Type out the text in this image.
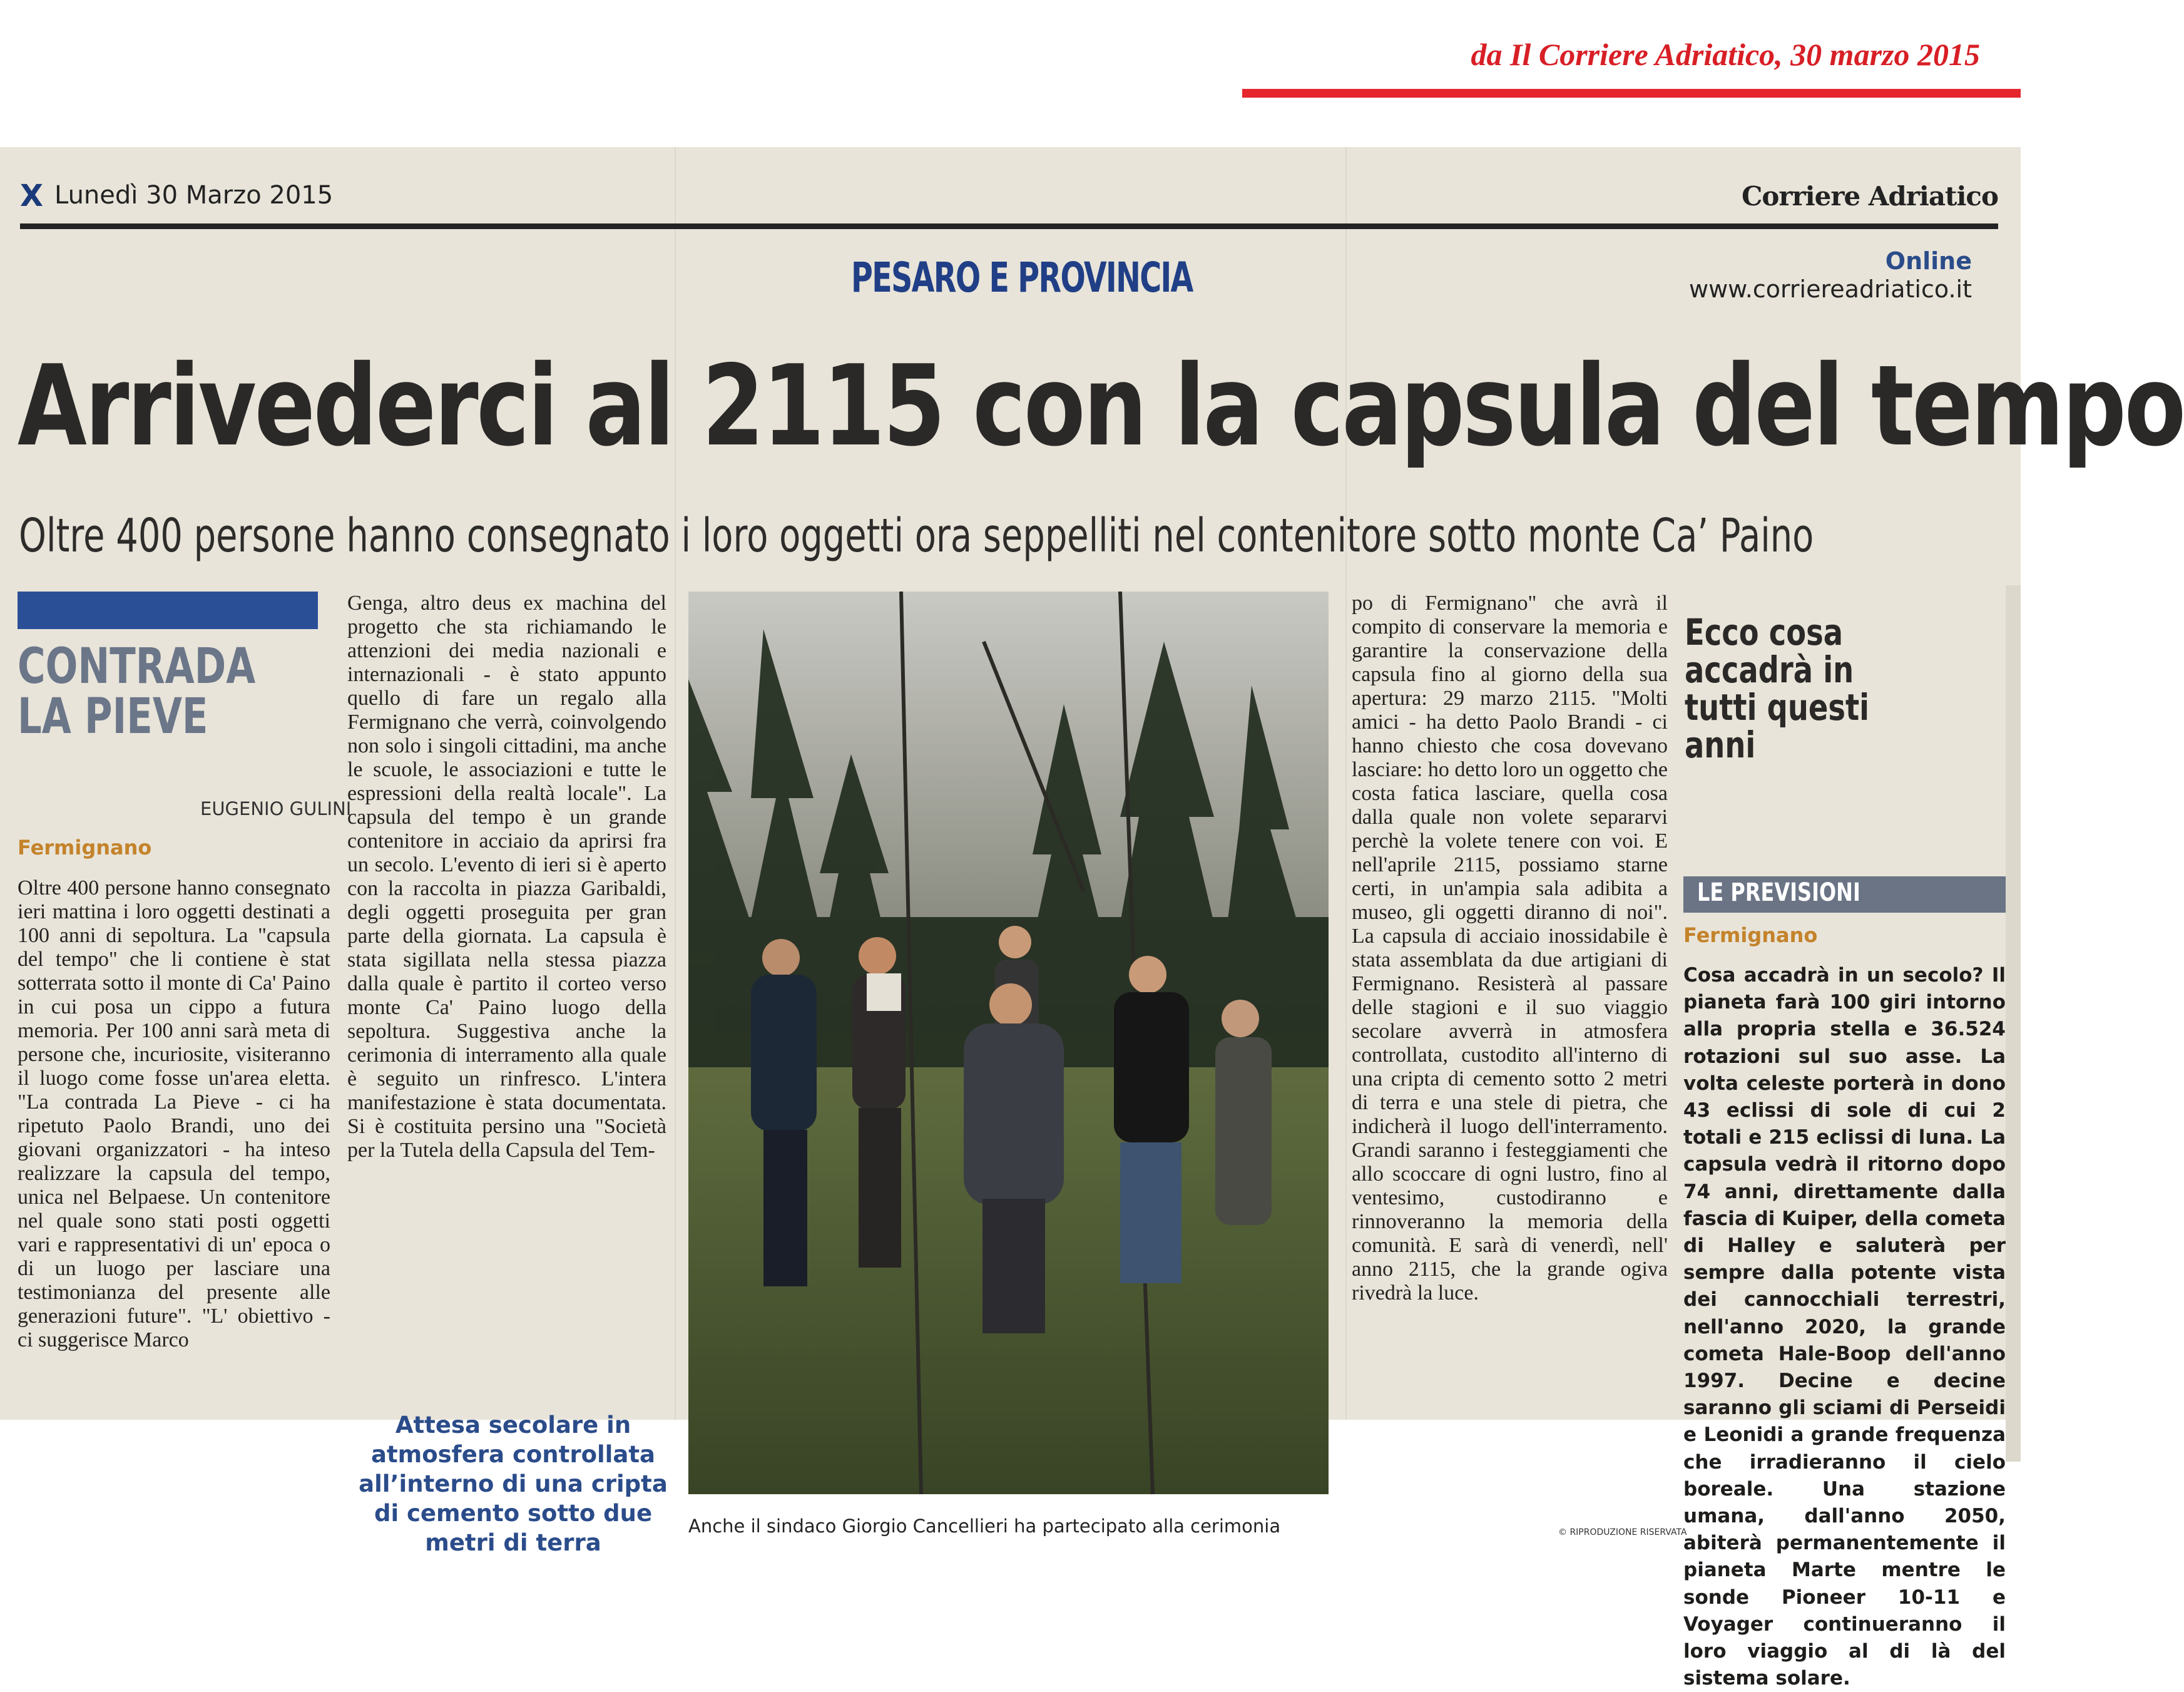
da Il Corriere Adriatico, 30 marzo 2015
X Lunedì 30 Marzo 2015	Corriere Adriatico
PESARO E PROVINCIA	Online
www.corriereadriatico.it
Arrivederci al 2115 con la capsula del tempo
Oltre 400 persone hanno consegnato i loro oggetti ora seppelliti nel contenitore sotto monte Ca’ Paino
CONTRADA LA PIEVE
EUGENIO GULINI
Fermignano

Oltre 400 persone hanno consegnato ieri mattina i loro oggetti destinati a 100 anni di sepoltura. La "capsula del tempo" che li contiene è stat sotterrata sotto il monte di Ca' Paino in cui posa un cippo a futura memoria. Per 100 anni sarà meta di persone che, incuriosite, visiteranno il luogo come fosse un'area eletta. "La contrada La Pieve - ci ha ripetuto Paolo Brandi, uno dei giovani organizzatori - ha inteso realizzare la capsula del tempo, unica nel Belpaese. Un contenitore nel quale sono stati posti oggetti vari e rappresentativi di un' epoca o di un luogo per lasciare una testimonianza del presente alle generazioni future". "L' obiettivo - ci suggerisce Marco

Genga, altro deus ex machina del progetto che sta richiamando le attenzioni dei media nazionali e internazionali - è stato appunto quello di fare un regalo alla Fermignano che verrà, coinvolgendo non solo i singoli cittadini, ma anche le scuole, le associazioni e tutte le espressioni della realtà locale". La capsula del tempo è un grande contenitore in acciaio da aprirsi fra un secolo. L'evento di ieri si è aperto con la raccolta in piazza Garibaldi, degli oggetti proseguita per gran parte della giornata. La capsula è stata sigillata nella stessa piazza dalla quale è partito il corteo verso monte Ca' Paino luogo della sepoltura. Suggestiva anche la cerimonia di interramento alla quale è seguito un rinfresco. L'intera manifestazione è stata documentata. Si è costituita persino una "Società per la Tutela della Capsula del Tem-

Attesa secolare in atmosfera controllata all’interno di una cripta di cemento sotto due metri di terra
Anche il sindaco Giorgio Cancellieri ha partecipato alla cerimonia

po di Fermignano" che avrà il compito di conservare la memoria e garantire la conservazione della capsula fino al giorno della sua apertura: 29 marzo 2115. "Molti amici - ha detto Paolo Brandi - ci hanno chiesto che cosa dovevano lasciare: ho detto loro un oggetto che costa fatica lasciare, quella cosa dalla quale non volete separarvi perchè la volete tenere con voi. E nell'aprile 2115, possiamo starne certi, in un'ampia sala adibita a museo, gli oggetti diranno di noi". La capsula di acciaio inossidabile è stata assemblata da due artigiani di Fermignano. Resisterà al passare delle stagioni e il suo viaggio secolare avverrà in atmosfera controllata, custodito all'interno di una cripta di cemento sotto 2 metri di terra e una stele di pietra, che indicherà il luogo dell'interramento. Grandi saranno i festeggiamenti che allo scoccare di ogni lustro, fino al ventesimo, custodiranno e rinnoveranno la memoria della comunità. E sarà di venerdì, nell' anno 2115, che la grande ogiva rivedrà la luce.

© RIPRODUZIONE RISERVATA
Ecco cosa accadrà in tutti questi anni
LE PREVISIONI
Fermignano
Cosa accadrà in un secolo? Il pianeta farà 100 giri intorno alla propria stella e 36.524 rotazioni sul suo asse. La volta celeste porterà in dono 43 eclissi di sole di cui 2 totali e 215 eclissi di luna. La capsula vedrà il ritorno dopo 74 anni, direttamente dalla fascia di Kuiper, della cometa di Halley e saluterà per sempre dalla potente vista dei cannocchiali terrestri, nell'anno 2020, la grande cometa Hale-Boop dell'anno 1997. Decine e decine saranno gli sciami di Perseidi e Leonidi a grande frequenza che irradieranno il cielo boreale. Una stazione umana, dall'anno 2050, abiterà permanentemente il pianeta Marte mentre le sonde Pioneer 10-11 e Voyager continueranno il loro viaggio al di là del sistema solare.
